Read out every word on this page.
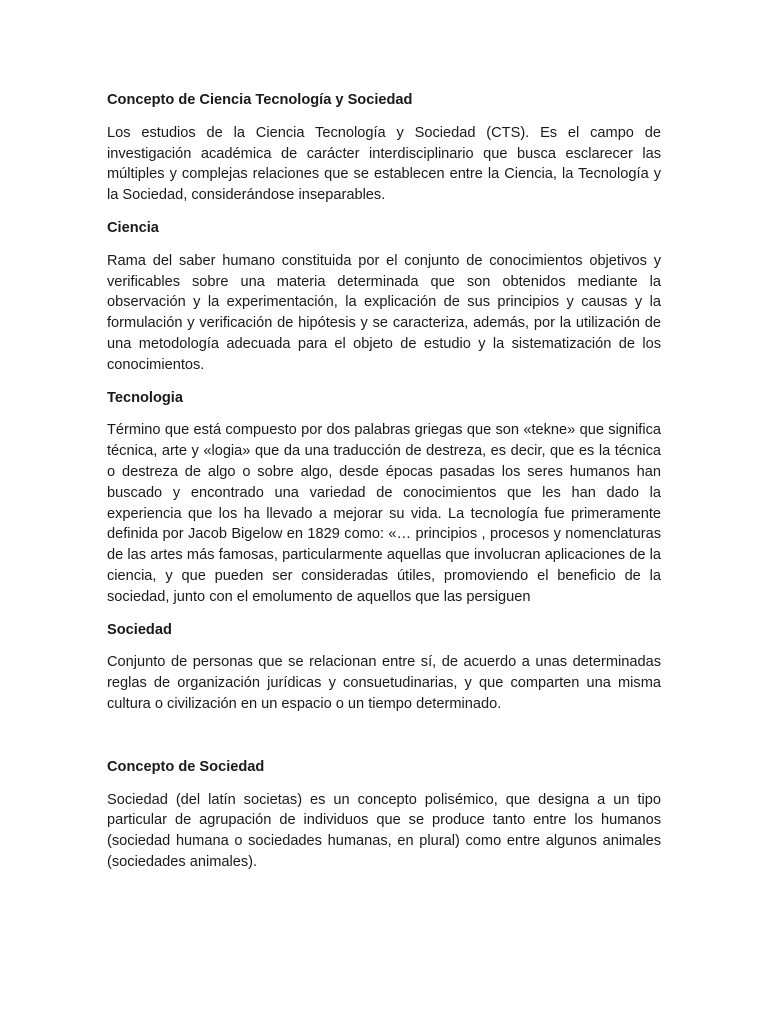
Concepto de Ciencia Tecnología y Sociedad

Los estudios de la Ciencia Tecnología y Sociedad (CTS). Es el campo de investigación académica de carácter interdisciplinario que busca esclarecer las múltiples y complejas relaciones que se establecen entre la Ciencia, la Tecnología y la Sociedad, considerándose inseparables.

Ciencia

Rama del saber humano constituida por el conjunto de conocimientos objetivos y verificables sobre una materia determinada que son obtenidos mediante la observación y la experimentación, la explicación de sus principios y causas y la formulación y verificación de hipótesis y se caracteriza, además, por la utilización de una metodología adecuada para el objeto de estudio y la sistematización de los conocimientos.

Tecnologia

Término que está compuesto por dos palabras griegas que son «tekne» que significa técnica, arte y «logia» que da una traducción de destreza, es decir, que es la técnica o destreza de algo o sobre algo, desde épocas pasadas los seres humanos han buscado y encontrado una variedad de conocimientos que les han dado la experiencia que los ha llevado a mejorar su vida. La tecnología fue primeramente definida por Jacob Bigelow en 1829 como: «… principios , procesos y nomenclaturas de las artes más famosas, particularmente aquellas que involucran aplicaciones de la ciencia, y que pueden ser consideradas útiles, promoviendo el beneficio de la sociedad, junto con el emolumento de aquellos que las persiguen

Sociedad

Conjunto de personas que se relacionan entre sí, de acuerdo a unas determinadas reglas de organización jurídicas y consuetudinarias, y que comparten una misma cultura o civilización en un espacio o un tiempo determinado.

Concepto de Sociedad

Sociedad (del latín societas) es un concepto polisémico, que designa a un tipo particular de agrupación de individuos que se produce tanto entre los humanos (sociedad humana o sociedades humanas, en plural) como entre algunos animales (sociedades animales).
